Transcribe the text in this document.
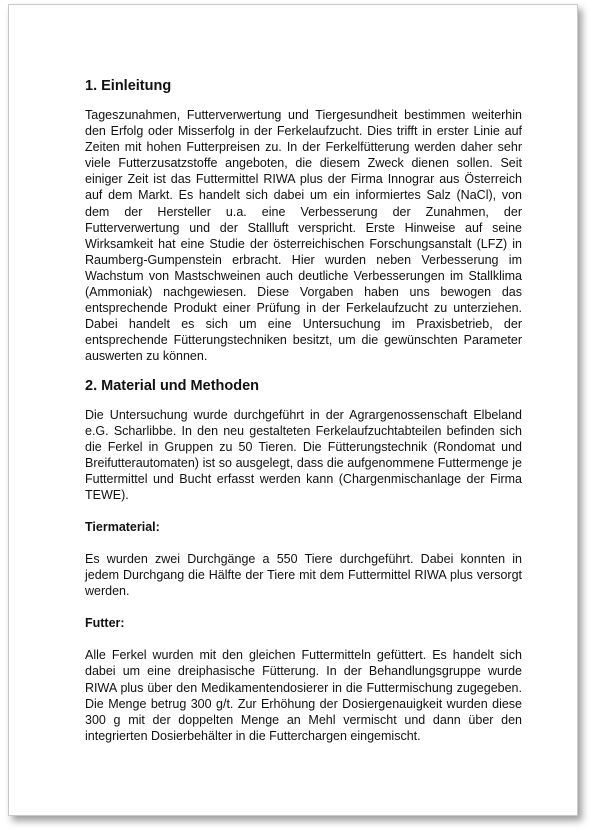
1. Einleitung

Tageszunahmen, Futterverwertung und Tiergesundheit bestimmen weiterhin den Erfolg oder Misserfolg in der Ferkelaufzucht. Dies trifft in erster Linie auf Zeiten mit hohen Futterpreisen zu. In der Ferkelfütterung werden daher sehr viele Futterzusatzstoffe angeboten, die diesem Zweck dienen sollen. Seit einiger Zeit ist das Futtermittel RIWA plus der Firma Innograr aus Österreich auf dem Markt. Es handelt sich dabei um ein informiertes Salz (NaCl), von dem der Hersteller u.a. eine Verbesserung der Zunahmen, der Futterverwertung und der Stallluft verspricht. Erste Hinweise auf seine Wirksamkeit hat eine Studie der österreichischen Forschungsanstalt (LFZ) in Raumberg-Gumpenstein erbracht. Hier wurden neben Verbesserung im Wachstum von Mastschweinen auch deutliche Verbesserungen im Stallklima (Ammoniak) nachgewiesen. Diese Vorgaben haben uns bewogen das entsprechende Produkt einer Prüfung in der Ferkelaufzucht zu unterziehen. Dabei handelt es sich um eine Untersuchung im Praxisbetrieb, der entsprechende Fütterungstechniken besitzt, um die gewünschten Parameter auswerten zu können.

2. Material und Methoden

Die Untersuchung wurde durchgeführt in der Agrargenossenschaft Elbeland e.G. Scharlibbe. In den neu gestalteten Ferkelaufzuchtabteilen befinden sich die Ferkel in Gruppen zu 50 Tieren. Die Fütterungstechnik (Rondomat und Breifutterautomaten) ist so ausgelegt, dass die aufgenommene Futtermenge je Futtermittel und Bucht erfasst werden kann (Chargenmischanlage der Firma TEWE).

Tiermaterial:

Es wurden zwei Durchgänge a 550 Tiere durchgeführt. Dabei konnten in jedem Durchgang die Hälfte der Tiere mit dem Futtermittel RIWA plus versorgt werden.

Futter:

Alle Ferkel wurden mit den gleichen Futtermitteln gefüttert. Es handelt sich dabei um eine dreiphasische Fütterung. In der Behandlungsgruppe wurde RIWA plus über den Medikamentendosierer in die Futtermischung zugegeben. Die Menge betrug 300 g/t. Zur Erhöhung der Dosiergenauigkeit wurden diese 300 g mit der doppelten Menge an Mehl vermischt und dann über den integrierten Dosierbehälter in die Futterchargen eingemischt.
